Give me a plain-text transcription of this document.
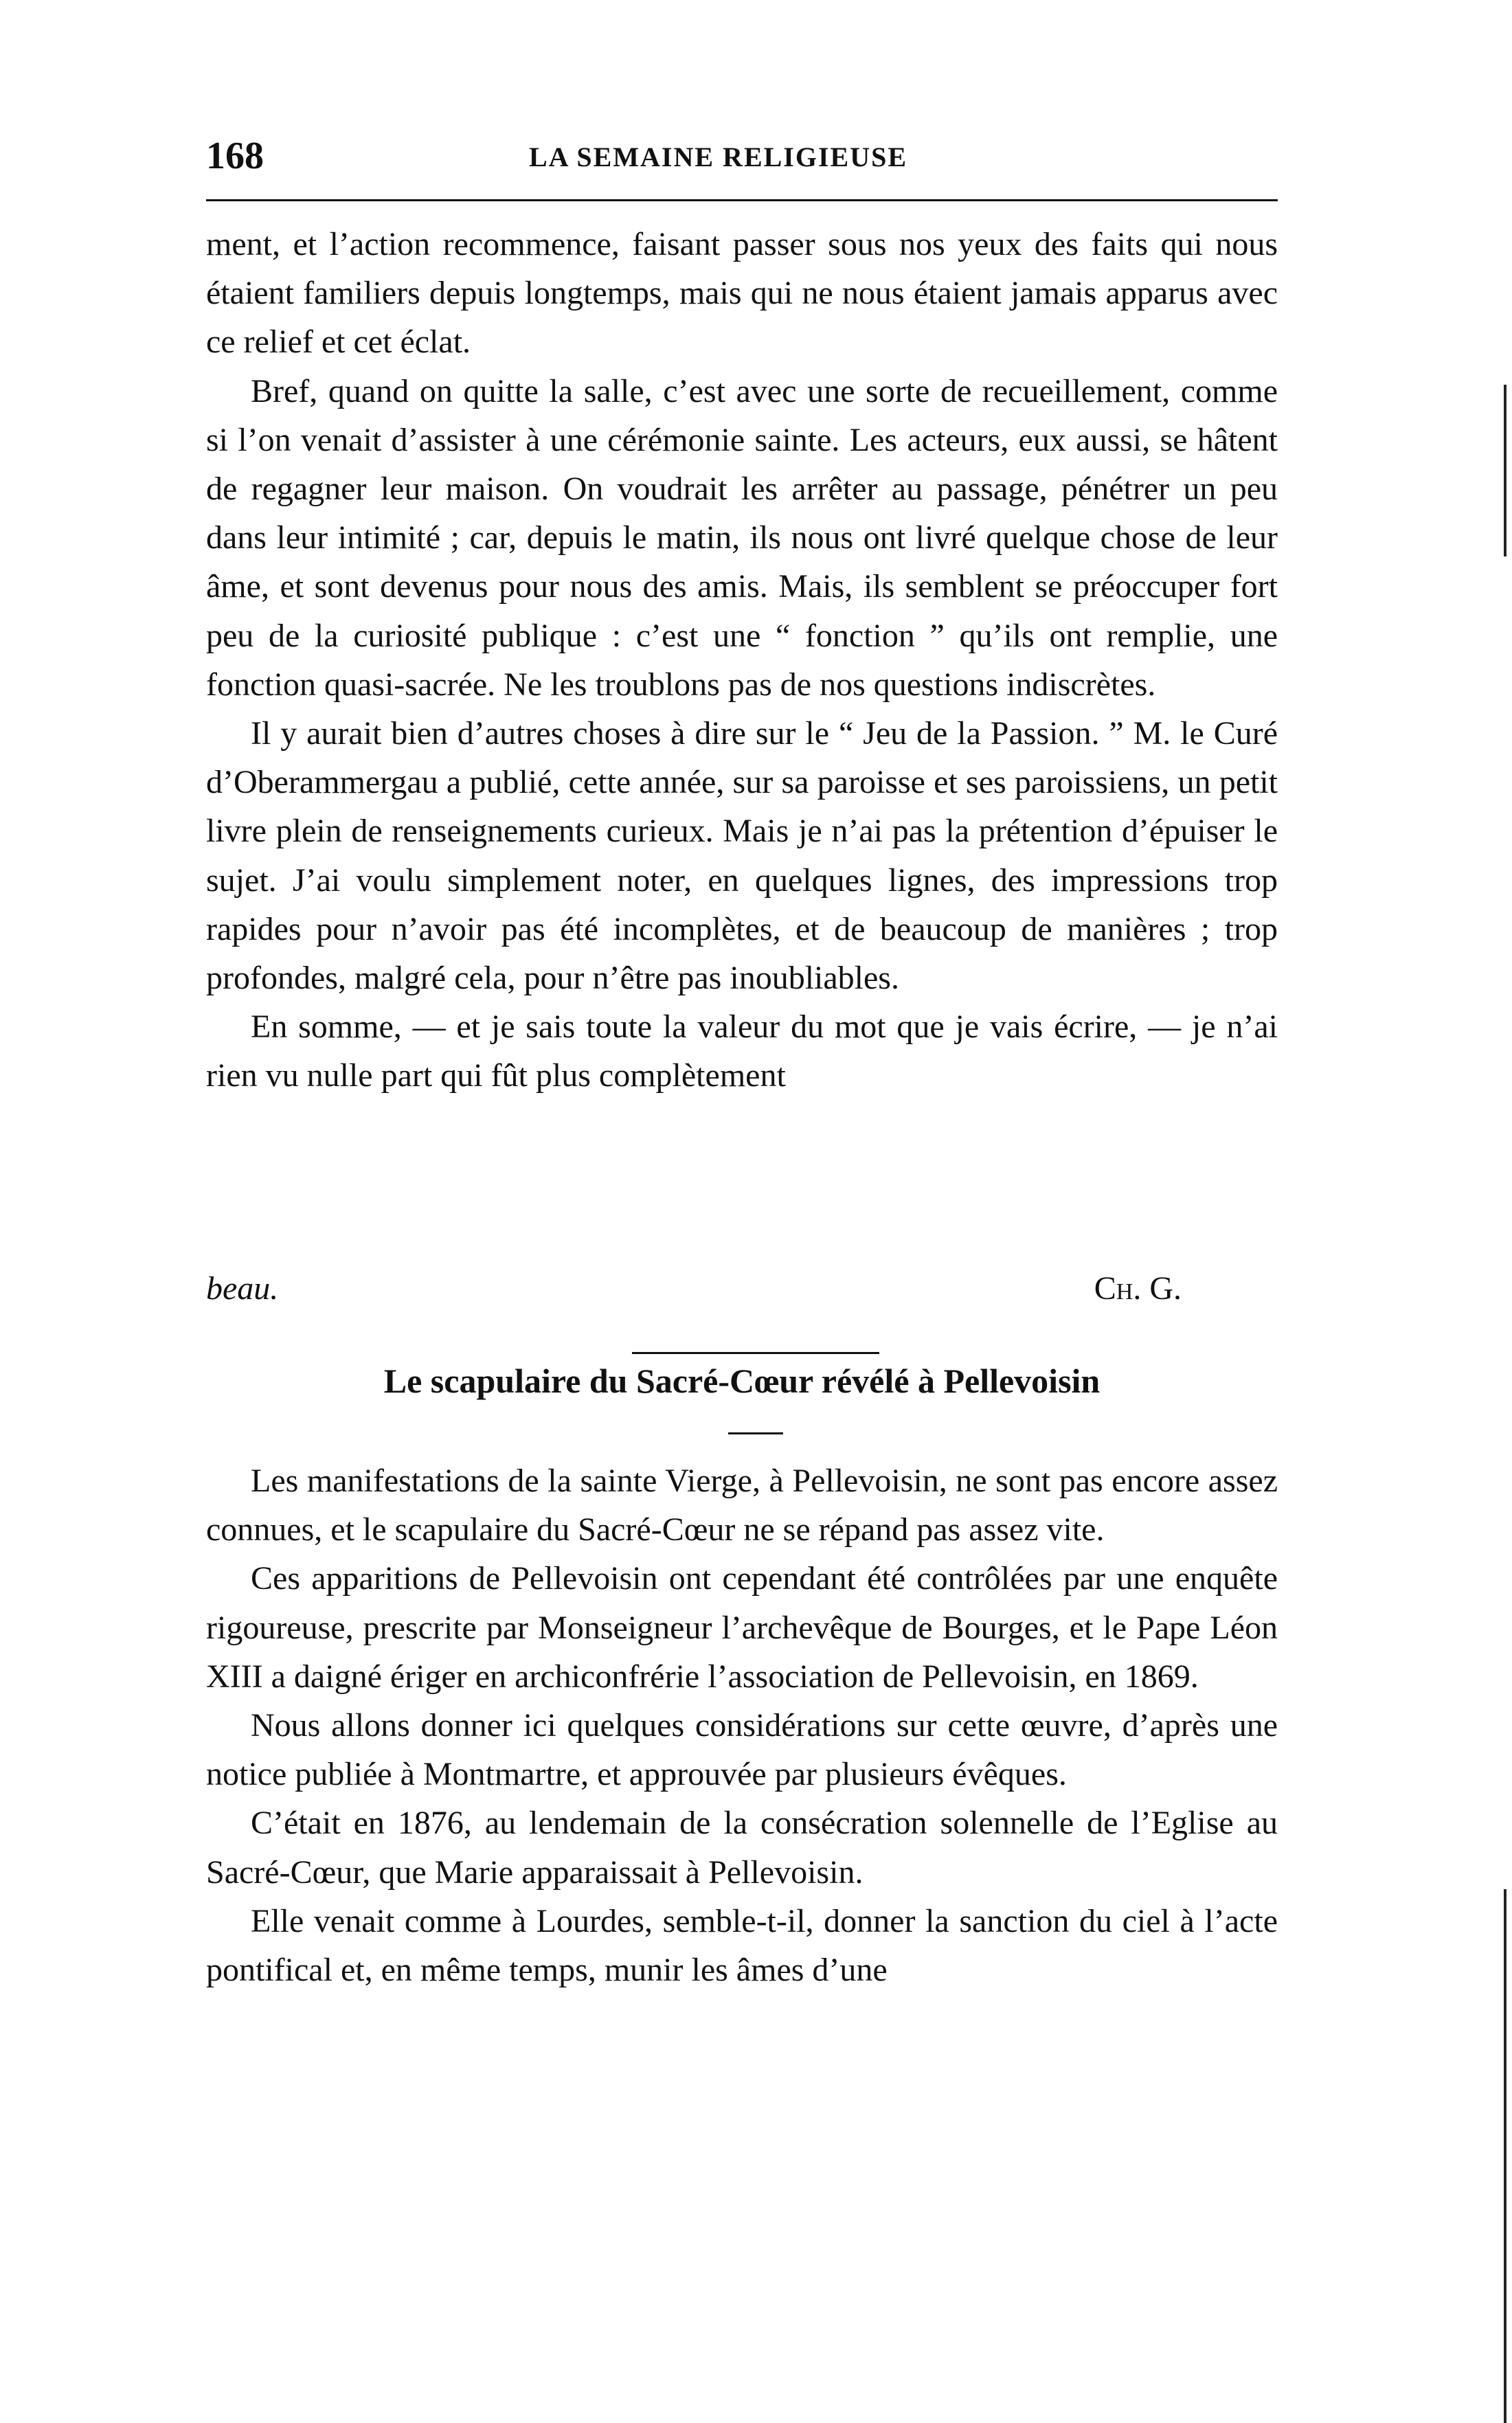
168	LA SEMAINE RELIGIEUSE

ment, et l’action recommence, faisant passer sous nos yeux des faits qui nous étaient familiers depuis longtemps, mais qui ne nous étaient jamais apparus avec ce relief et cet éclat.

Bref, quand on quitte la salle, c’est avec une sorte de recueillement, comme si l’on venait d’assister à une cérémonie sainte. Les acteurs, eux aussi, se hâtent de regagner leur maison. On voudrait les arrêter au passage, pénétrer un peu dans leur intimité ; car, depuis le matin, ils nous ont livré quelque chose de leur âme, et sont devenus pour nous des amis. Mais, ils semblent se préoccuper fort peu de la curiosité publique : c’est une “ fonction ” qu’ils ont remplie, une fonction quasi-sacrée. Ne les troublons pas de nos questions indiscrètes.

Il y aurait bien d’autres choses à dire sur le “ Jeu de la Passion. ” M. le Curé d’Oberammergau a publié, cette année, sur sa paroisse et ses paroissiens, un petit livre plein de renseignements curieux. Mais je n’ai pas la prétention d’épuiser le sujet. J’ai voulu simplement noter, en quelques lignes, des impressions trop rapides pour n’avoir pas été incomplètes, et de beaucoup de manières ; trop profondes, malgré cela, pour n’être pas inoubliables.

En somme, — et je sais toute la valeur du mot que je vais écrire, — je n’ai rien vu nulle part qui fût plus complètement

beau.	Ch. G.
Le scapulaire du Sacré-Cœur révélé à Pellevoisin

Les manifestations de la sainte Vierge, à Pellevoisin, ne sont pas encore assez connues, et le scapulaire du Sacré-Cœur ne se répand pas assez vite.

Ces apparitions de Pellevoisin ont cependant été contrôlées par une enquête rigoureuse, prescrite par Monseigneur l’archevêque de Bourges, et le Pape Léon XIII a daigné ériger en archiconfrérie l’association de Pellevoisin, en 1869.

Nous allons donner ici quelques considérations sur cette œuvre, d’après une notice publiée à Montmartre, et approuvée par plusieurs évêques.

C’était en 1876, au lendemain de la consécration solennelle de l’Eglise au Sacré-Cœur, que Marie apparaissait à Pellevoisin.

Elle venait comme à Lourdes, semble-t-il, donner la sanction du ciel à l’acte pontifical et, en même temps, munir les âmes d’une
